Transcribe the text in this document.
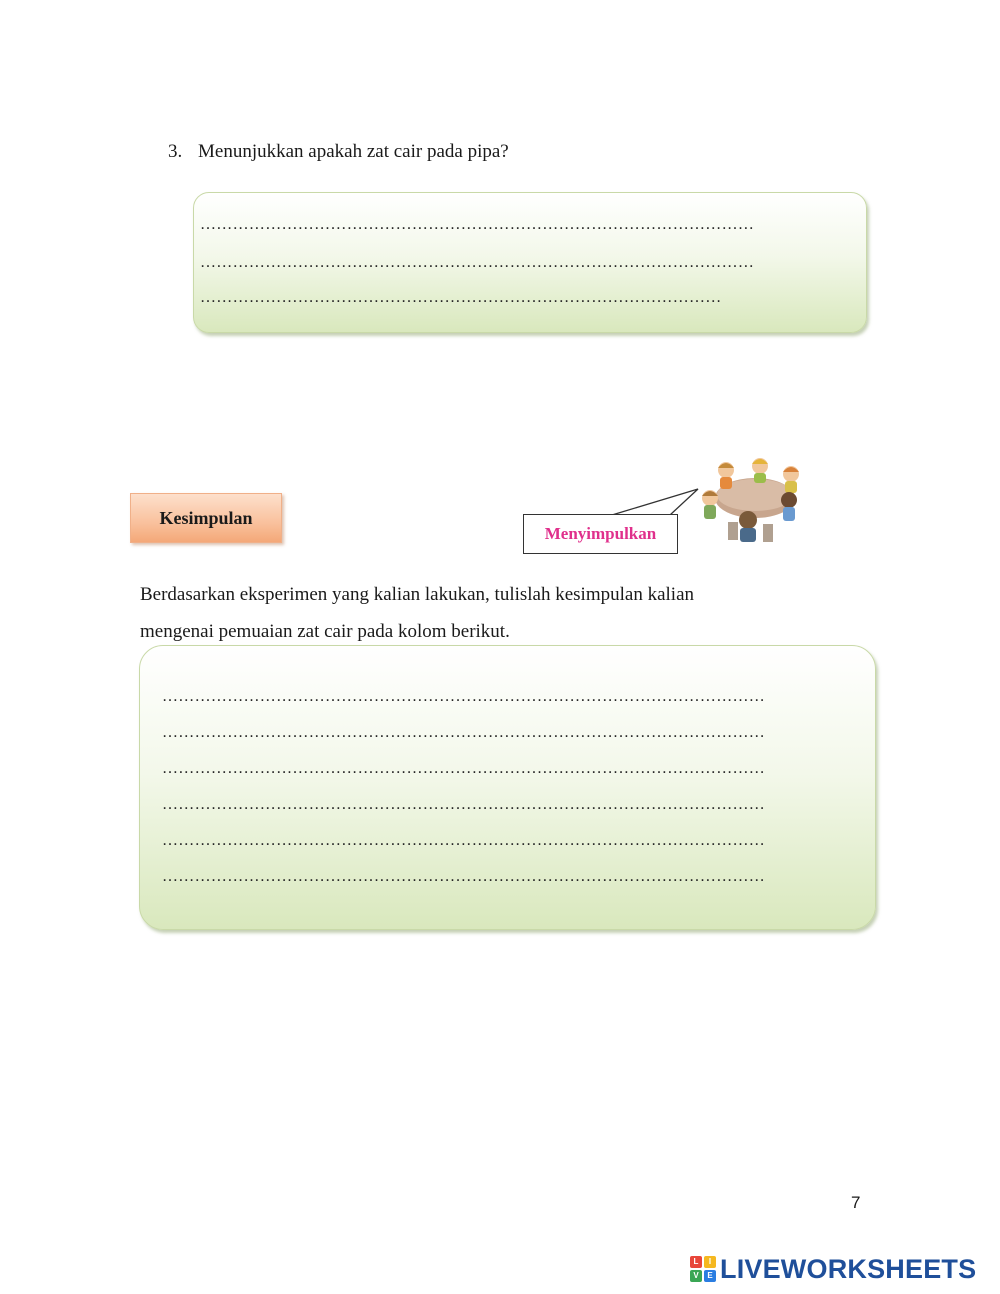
3. Menunjukkan apakah zat cair pada pipa?
…………………………………………………………………………………………
…………………………………………………………………………………………
……………………………………………………………………………………
Kesimpulan
Menyimpulkan
Berdasarkan eksperimen yang kalian lakukan, tulislah kesimpulan kalian
mengenai pemuaian zat cair pada kolom berikut.
…………………………………………………………………………………………………
…………………………………………………………………………………………………
…………………………………………………………………………………………………
…………………………………………………………………………………………………
…………………………………………………………………………………………………
…………………………………………………………………………………………………
7
L	I
V	E LIVEWORKSHEETS
